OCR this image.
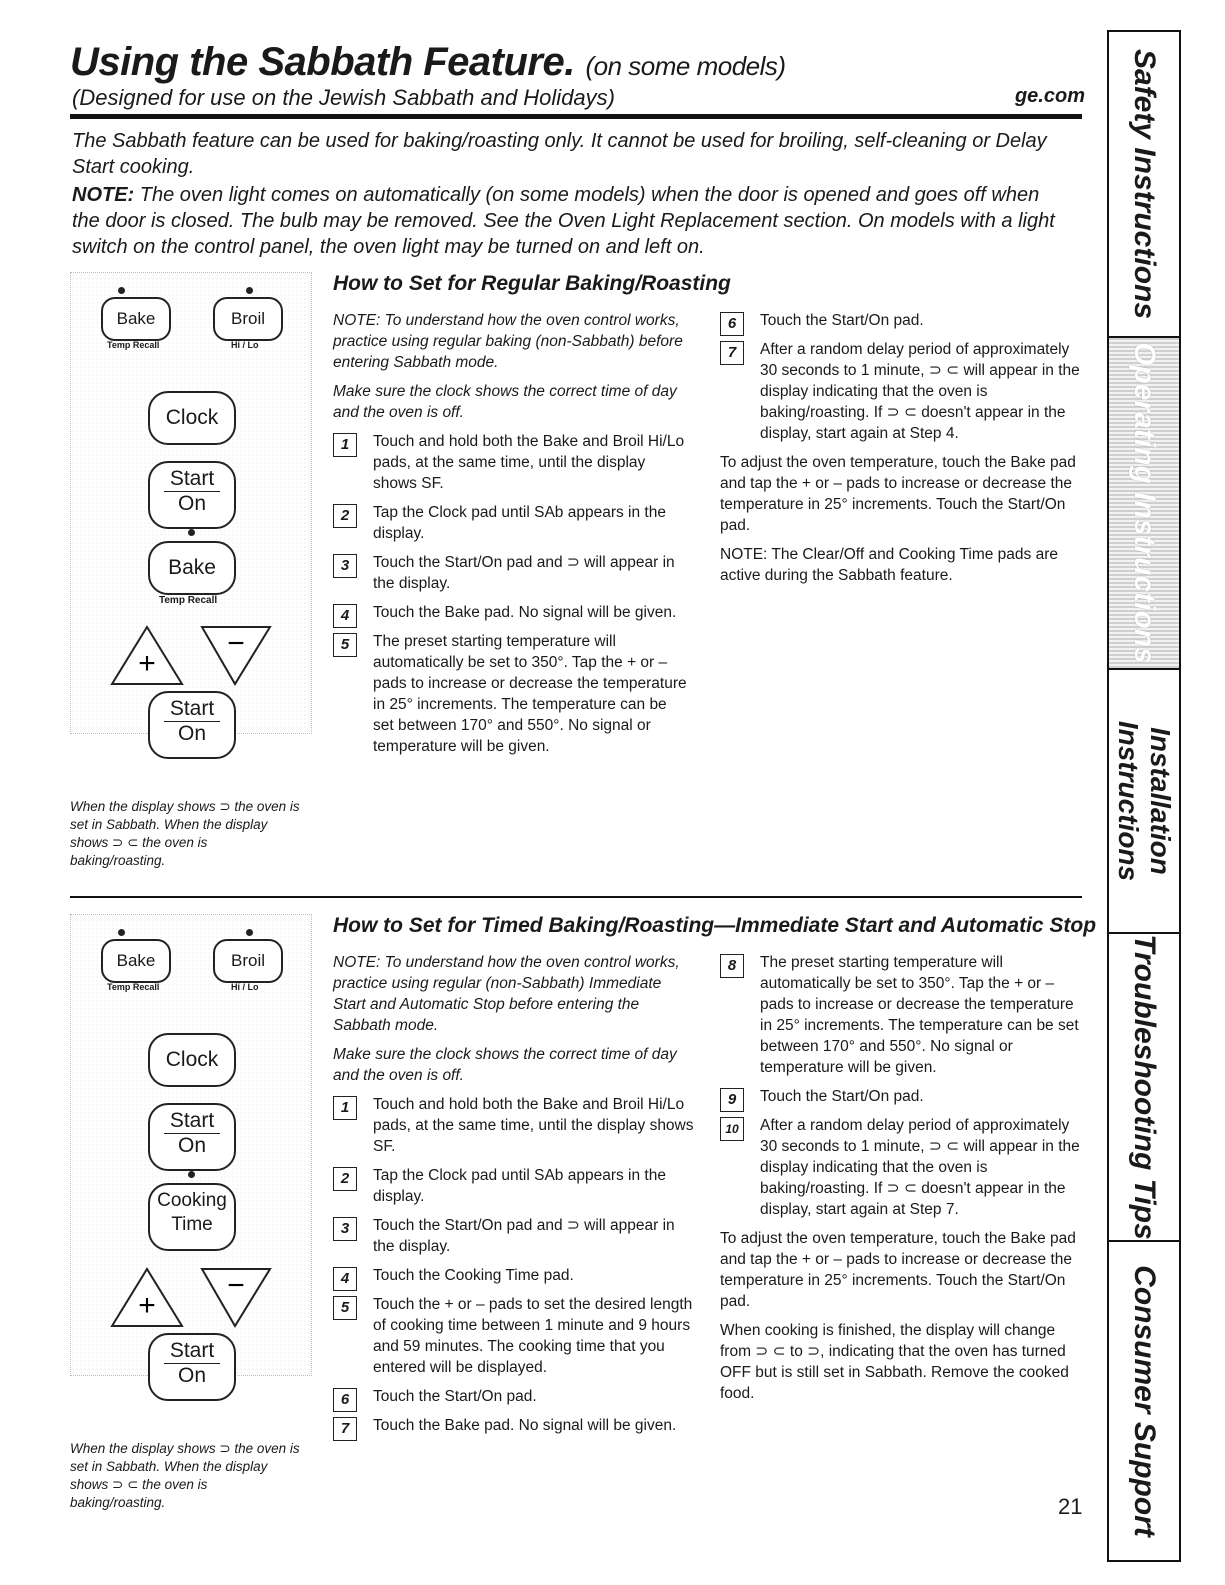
Using the Sabbath Feature. (on some models)
(Designed for use on the Jewish Sabbath and Holidays)	ge.com
The Sabbath feature can be used for baking/roasting only. It cannot be used for broiling, self-cleaning or Delay Start cooking.
NOTE: The oven light comes on automatically (on some models) when the door is opened and goes off when the door is closed. The bulb may be removed. See the Oven Light Replacement section. On models with a light switch on the control panel, the oven light may be turned on and left on.
How to Set for Regular Baking/Roasting
Bake	Broil
Temp Recall	Hi / Lo
Clock
Start
On
Bake
Temp Recall
+
−
Start
On
When the display shows ⊃ the oven is set in Sabbath. When the display shows ⊃ ⊂ the oven is baking/roasting.

NOTE: To understand how the oven control works, practice using regular baking (non-Sabbath) before entering Sabbath mode.

Make sure the clock shows the correct time of day and the oven is off.

1	Touch and hold both the Bake and Broil Hi/Lo pads, at the same time, until the display shows SF.
2	Tap the Clock pad until SAb appears in the display.
3	Touch the Start/On pad and ⊃ will appear in the display.
4	Touch the Bake pad. No signal will be given.
5	The preset starting temperature will automatically be set to 350°. Tap the + or – pads to increase or decrease the temperature in 25° increments. The temperature can be set between 170° and 550°. No signal or temperature will be given.
6	Touch the Start/On pad.
7	After a random delay period of approximately 30 seconds to 1 minute, ⊃ ⊂ will appear in the display indicating that the oven is baking/roasting. If ⊃ ⊂ doesn't appear in the display, start again at Step 4.

To adjust the oven temperature, touch the Bake pad and tap the + or – pads to increase or decrease the temperature in 25° increments. Touch the Start/On pad.

NOTE: The Clear/Off and Cooking Time pads are active during the Sabbath feature.

How to Set for Timed Baking/Roasting—Immediate Start and Automatic Stop
Bake	Broil
Temp Recall	Hi / Lo
Clock
Start
On
Cooking
Time
+
−
Start
On
When the display shows ⊃ the oven is set in Sabbath. When the display shows ⊃ ⊂ the oven is baking/roasting.

NOTE: To understand how the oven control works, practice using regular (non-Sabbath) Immediate Start and Automatic Stop before entering the Sabbath mode.

Make sure the clock shows the correct time of day and the oven is off.

1	Touch and hold both the Bake and Broil Hi/Lo pads, at the same time, until the display shows SF.
2	Tap the Clock pad until SAb appears in the display.
3	Touch the Start/On pad and ⊃ will appear in the display.
4	Touch the Cooking Time pad.
5	Touch the + or – pads to set the desired length of cooking time between 1 minute and 9 hours and 59 minutes. The cooking time that you entered will be displayed.
6	Touch the Start/On pad.
7	Touch the Bake pad. No signal will be given.
8	The preset starting temperature will automatically be set to 350°. Tap the + or – pads to increase or decrease the temperature in 25° increments. The temperature can be set between 170° and 550°. No signal or temperature will be given.
9	Touch the Start/On pad.
10	After a random delay period of approximately 30 seconds to 1 minute, ⊃ ⊂ will appear in the display indicating that the oven is baking/roasting. If ⊃ ⊂ doesn't appear in the display, start again at Step 7.

To adjust the oven temperature, touch the Bake pad and tap the + or – pads to increase or decrease the temperature in 25° increments. Touch the Start/On pad.

When cooking is finished, the display will change from ⊃ ⊂ to ⊃, indicating that the oven has turned OFF but is still set in Sabbath. Remove the cooked food.

21
Safety Instructions
Operating Instructions
Installation Instructions
Troubleshooting Tips
Consumer Support
